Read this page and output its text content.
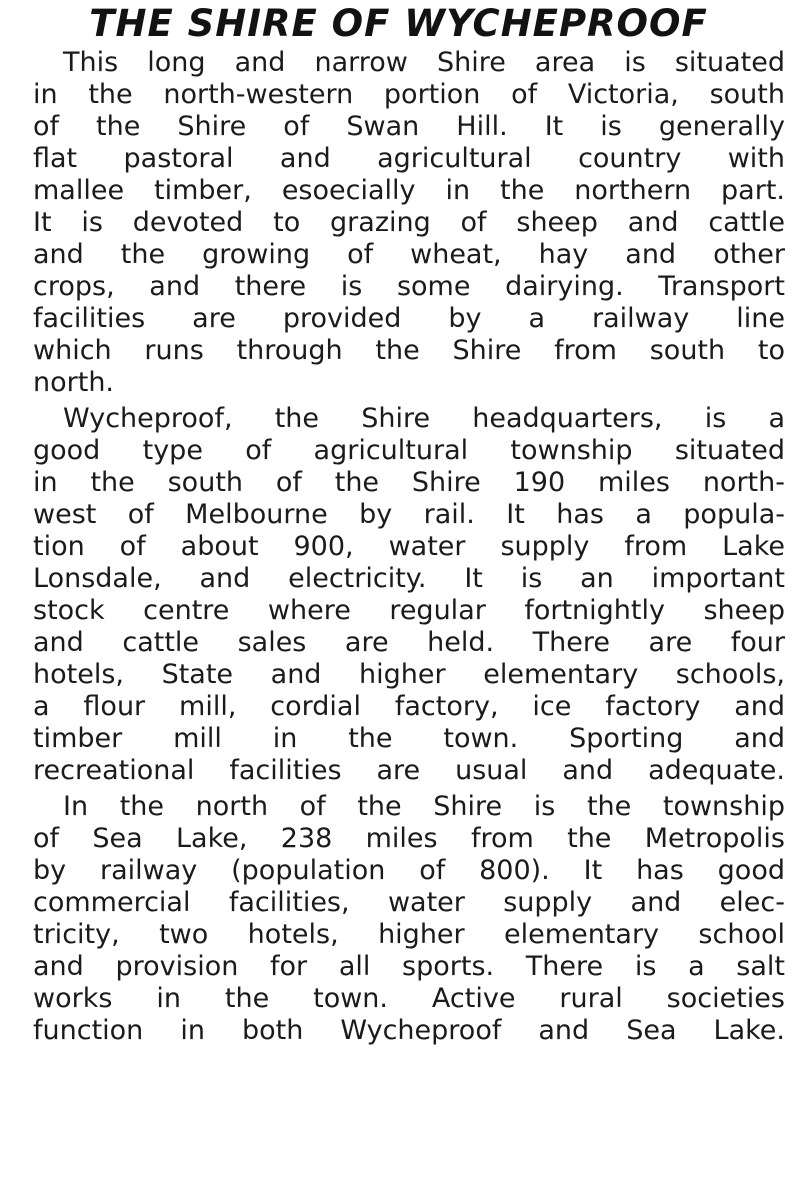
THE SHIRE OF WYCHEPROOF
This long and narrow Shire area is situated
in the north-western portion of Victoria, south
of the Shire of Swan Hill. It is generally
flat pastoral and agricultural country with
mallee timber, esoecially in the northern part.
It is devoted to grazing of sheep and cattle
and the growing of wheat, hay and other
crops, and there is some dairying. Transport
facilities are provided by a railway line
which runs through the Shire from south to
north.
Wycheproof, the Shire headquarters, is a
good type of agricultural township situated
in the south of the Shire 190 miles north-
west of Melbourne by rail. It has a popula-
tion of about 900, water supply from Lake
Lonsdale, and electricity. It is an important
stock centre where regular fortnightly sheep
and cattle sales are held. There are four
hotels, State and higher elementary schools,
a flour mill, cordial factory, ice factory and
timber mill in the town. Sporting and
recreational facilities are usual and adequate.
In the north of the Shire is the township
of Sea Lake, 238 miles from the Metropolis
by railway (population of 800). It has good
commercial facilities, water supply and elec-
tricity, two hotels, higher elementary school
and provision for all sports. There is a salt
works in the town. Active rural societies
function in both Wycheproof and Sea Lake.
